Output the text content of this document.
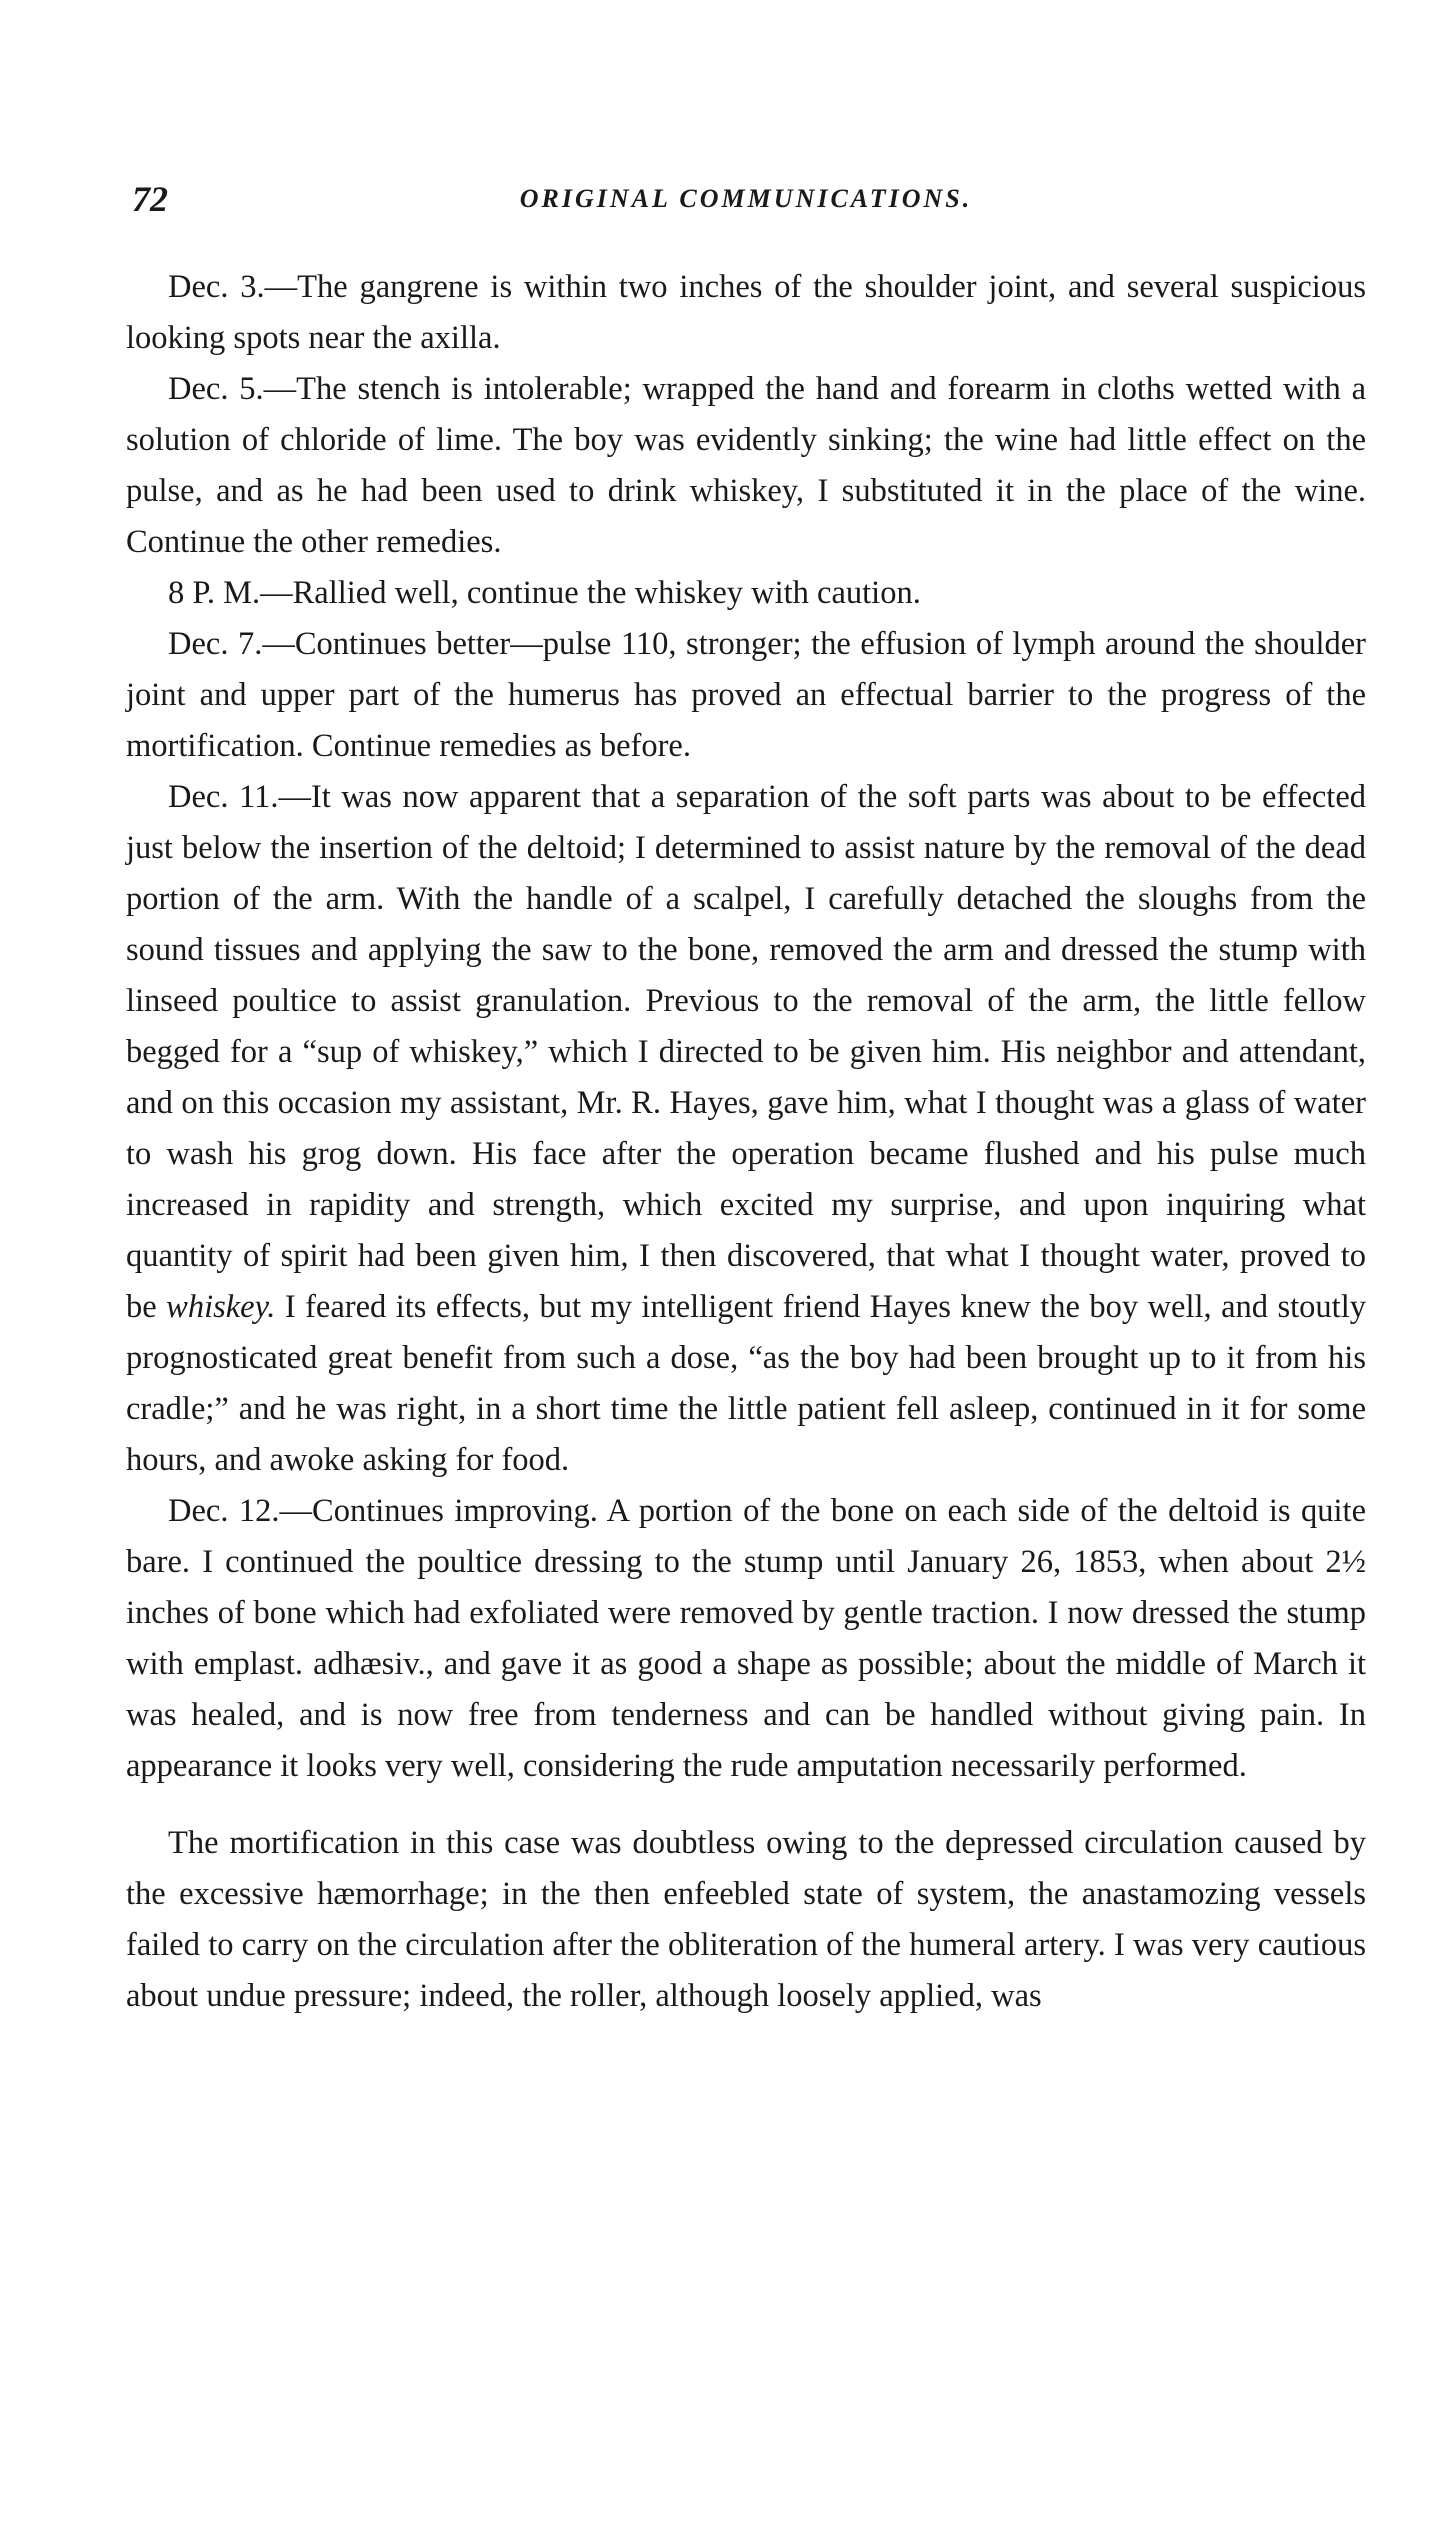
72	ORIGINAL COMMUNICATIONS.

Dec. 3.—The gangrene is within two inches of the shoulder joint, and several suspicious looking spots near the axilla.

Dec. 5.—The stench is intolerable; wrapped the hand and forearm in cloths wetted with a solution of chloride of lime. The boy was evidently sinking; the wine had little effect on the pulse, and as he had been used to drink whiskey, I substituted it in the place of the wine. Continue the other remedies.

8 P. M.—Rallied well, continue the whiskey with caution.

Dec. 7.—Continues better—pulse 110, stronger; the effusion of lymph around the shoulder joint and upper part of the humerus has proved an effectual barrier to the progress of the mortification. Continue remedies as before.

Dec. 11.—It was now apparent that a separation of the soft parts was about to be effected just below the insertion of the deltoid; I determined to assist nature by the removal of the dead portion of the arm. With the handle of a scalpel, I carefully detached the sloughs from the sound tissues and applying the saw to the bone, removed the arm and dressed the stump with linseed poultice to assist granulation. Previous to the removal of the arm, the little fellow begged for a “sup of whiskey,” which I directed to be given him. His neighbor and attendant, and on this occasion my assistant, Mr. R. Hayes, gave him, what I thought was a glass of water to wash his grog down. His face after the operation became flushed and his pulse much increased in rapidity and strength, which excited my surprise, and upon inquiring what quantity of spirit had been given him, I then discovered, that what I thought water, proved to be whiskey. I feared its effects, but my intelligent friend Hayes knew the boy well, and stoutly prognosticated great benefit from such a dose, “as the boy had been brought up to it from his cradle;” and he was right, in a short time the little patient fell asleep, continued in it for some hours, and awoke asking for food.

Dec. 12.—Continues improving. A portion of the bone on each side of the deltoid is quite bare. I continued the poultice dressing to the stump until January 26, 1853, when about 2½ inches of bone which had exfoliated were removed by gentle traction. I now dressed the stump with emplast. adhæsiv., and gave it as good a shape as possible; about the middle of March it was healed, and is now free from tenderness and can be handled without giving pain. In appearance it looks very well, considering the rude amputation necessarily performed.

The mortification in this case was doubtless owing to the depressed circulation caused by the excessive hæmorrhage; in the then enfeebled state of system, the anastamozing vessels failed to carry on the circulation after the obliteration of the humeral artery. I was very cautious about undue pressure; indeed, the roller, although loosely applied, was
